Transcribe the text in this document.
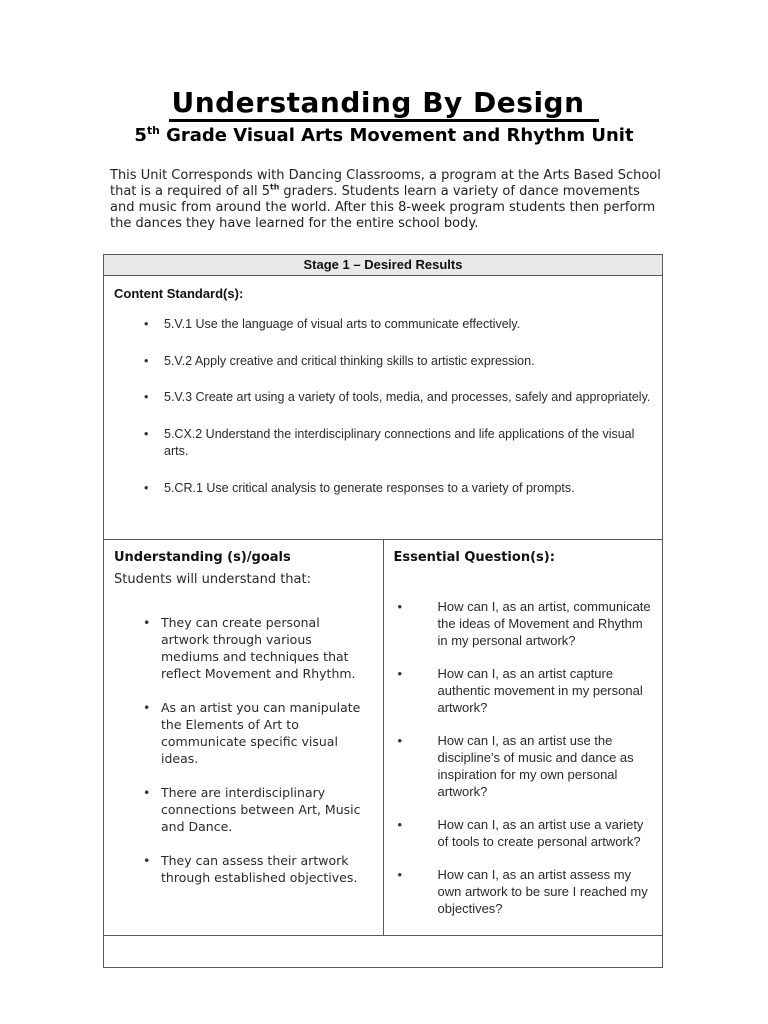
Understanding By Design
5th Grade Visual Arts Movement and Rhythm Unit

This Unit Corresponds with Dancing Classrooms, a program at the Arts Based School that is a required of all 5th graders. Students learn a variety of dance movements and music from around the world. After this 8-week program students then perform the dances they have learned for the entire school body.

Stage 1 – Desired Results
Content Standard(s):
• 5.V.1 Use the language of visual arts to communicate effectively.
• 5.V.2 Apply creative and critical thinking skills to artistic expression.
• 5.V.3 Create art using a variety of tools, media, and processes, safely and appropriately.
• 5.CX.2 Understand the interdisciplinary connections and life applications of the visual arts.
• 5.CR.1 Use critical analysis to generate responses to a variety of prompts.
Understanding (s)/goals
Students will understand that:
• They can create personal artwork through various mediums and techniques that reflect Movement and Rhythm.
• As an artist you can manipulate the Elements of Art to communicate specific visual ideas.
• There are interdisciplinary connections between Art, Music and Dance.
• They can assess their artwork through established objectives.
Essential Question(s):
• How can I, as an artist, communicate the ideas of Movement and Rhythm in my personal artwork?
• How can I, as an artist capture authentic movement in my personal artwork?
• How can I, as an artist use the discipline's of music and dance as inspiration for my own personal artwork?
• How can I, as an artist use a variety of tools to create personal artwork?
• How can I, as an artist assess my own artwork to be sure I reached my objectives?
